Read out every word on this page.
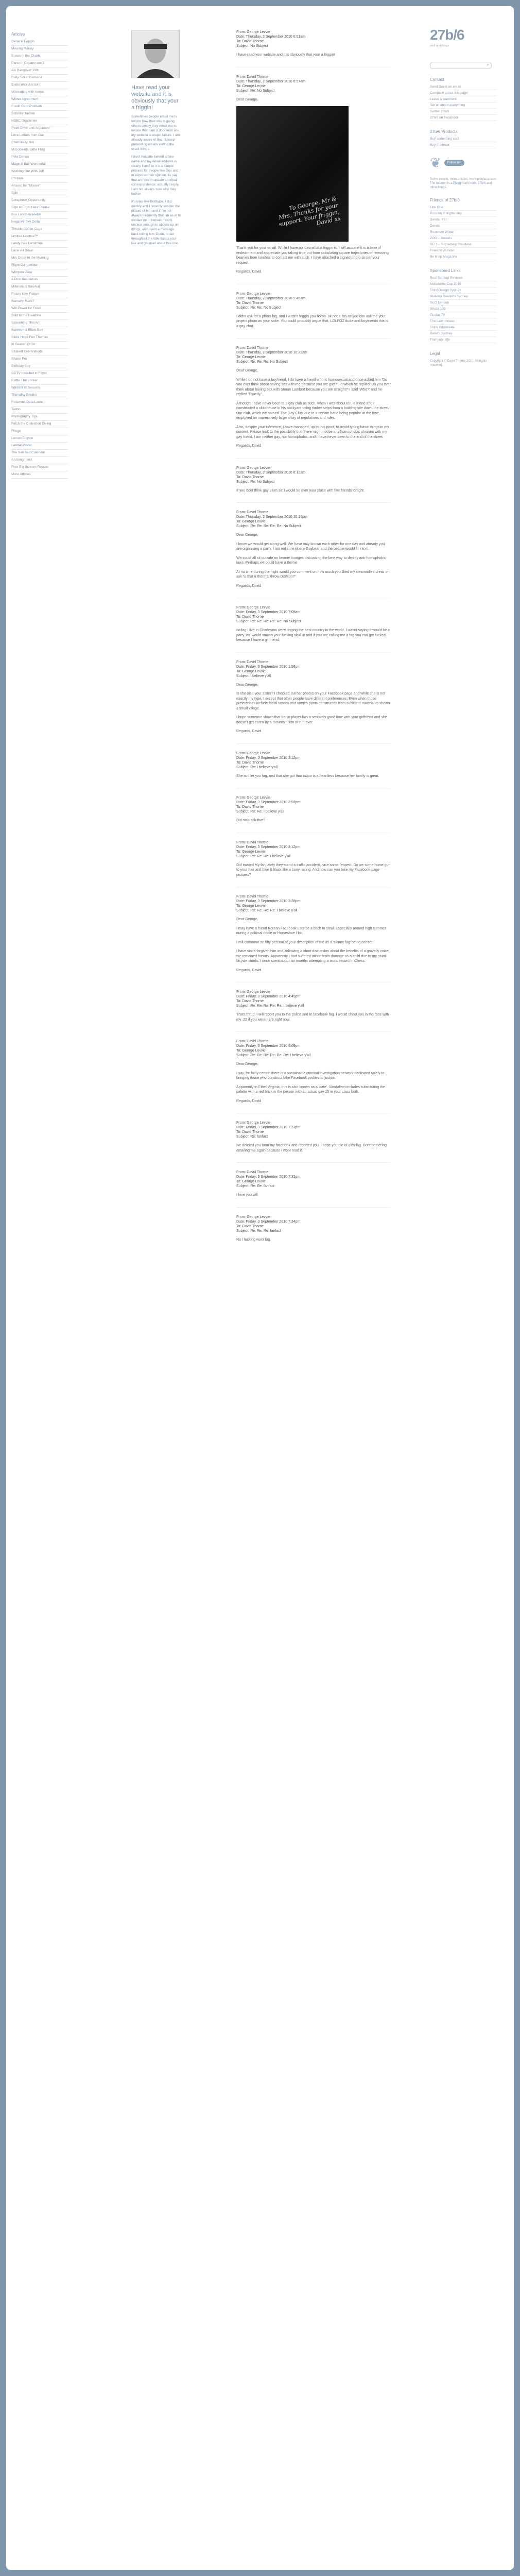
Articles
General Friggin
Missing Manny
Boxes in the Charts
Panic in Department 3
Aix Hangover 10th
Daily Ticket Demand
Endurance Account
Misleading with Venus
Winter Agreement
Credit Card Problem
Scrubby Tamsin
HSBC Guarantee
Pearl Drive and Argument
Love Letters from Gus
Chemically Not
Microbeads Latte Frog
Pete Denim
Magic 8 Ball Wonderful
Working Out With Jeff
Chriskle
Around for "Moose"
Spin
Scrapbook Opportunity
Sign in From Here Please
Box Lunch Available
Negative Sky Dollar
Trouble Coffee Cups
Limited License™
Lately Has Landmark
Lacie All Down
Mrs Order in the Morning
Flight Competition
Wimpole Zero
A Pink Resolution
Millennials Survival
Ready Like Falcon
Barnaby Mark?
Will Power for Food
Sold to the Headline
Screaming This Ant
Between a Black Box
Store Hope Fun Thomas
In Season Frost
Student Celebrations
Shane Pm
Birthday Boy
CCTV Installed in Foyer
Rattle The Locker
Warrant of Security
Thursday Breaks
Reserves Data Launch
Tattoo
Photography Tips
Fetch the Collection Diving
Fringe
Lemon Bicycle
Lateral Mover
The Sell Bad Calendar
A strong mind
Free Big Scream Rescue
More Articles

Have read your website and it is obviously that your a friggin!

Sometimes people email me to tell me how their day is going, others simply they email me to tell me that I am a doorknob and my website is stupid failure. I am already aware of that I'll keep pretending emails stating the exact things.

I don't hesitate behind a fake name and my email address is clearly listed so it is a simple process for people like Gus and to express their opinion. To say that an I never update an email correspondence: actually I reply, I am not always sure why they bother.

It's sites like Boltbabe, I did quickly and I recently simpler the picture of him and if I'm not always frequently that I'm as in to contact me. I remain mostly unclear enough to update up on things, and I sent a message back telling him 'Dude, to cut through all the little things you like and got mad about this one.

From: George Levvie
Date: Thursday, 2 September 2010 6:51am
To: David Thorne
Subject: No Subject

I have read your website and it is obviously that your a friggin!

From: David Thorne
Date: Thursday, 2 September 2010 6:57am
To: George Levvie
Subject: Re: No Subject

Dear George,

To George, Mr & Mrs, Thanks for your support. Your friggin, David xx

Thank you for your email. While I have no idea what a friggin is, I will assume it is a term of endearment and appreciate you taking time out from calculating square trajectories or removing beanies from lunches to contact me with such. I have attached a signed photo as per your request.

Regards, David

From: George Levvie
Date: Thursday, 2 September 2010 9:46am
To: David Thorne
Subject: Re: Re: No Subject

I didnt ask for a photo fag, and I wasn't friggin you homo. ok not a fan as you can ask me your project photo as your sake. You could probably argue that, LOLFOZ dude and boyfriends this is a gay chat.

From: David Thorne
Date: Thursday, 2 September 2010 10:22am
To: George Levvie
Subject: Re: Re: Re: No Subject

Dear George,

While I do not have a boyfriend, I do have a friend who is homosexual and once asked him 'Do you ever think about having sex with me because you are gay?'. In which he replied 'Do you ever think about having sex with Shaun Lambert because you are straight?' I said 'Who?' and he replied 'Exactly.'

Although I have never been to a gay club as such, when I was about ten, a friend and I constructed a club house in his backyard using timber strips from a building site down the street. Our club, which we named 'The Gay Club' due to a certain band being popular at the time, employed an impressively large array of regulations and rules.

Also, despite your inference, I have managed, up to this point, to avoid typing basic things in my content. Please look to the possibility that there might not be any homophobic phrases with my gay friend. I am neither gay, nor homophobic, and I have never been to the end of the street.

Regards, David

From: George Levvie
Date: Thursday, 2 September 2010 6:12am
To: David Thorne
Subject: Re: No Subject

If you dont think gay plum.sic I would be over your place with five friends tonight.

From: David Thorne
Date: Thursday, 2 September 2010 10:35pm
To: George Levvie
Subject: Re: Re: Re: Re: Re: No Subject

Dear George,

I know we would get along well. We have only known each other for one day and already you are organising a party. I am not sure where Gaybear and the beanie would fit into it.

We could all sit outside on beanie lounges discussing the best way to deploy anti-homophobic laws. Perhaps we could have a theme.

At no time during the night would you comment on how much you liked my steamrolled dress or ask 'is that a thermal throw-cushion?'

Regards, David

From: George Levvie
Date: Friday, 3 September 2010 7:09am
To: David Thorne
Subject: Re: Re: Re: Re: Re: No Subject

no fag I live in Charleston were ringing the best country in the world. I wasnt saying it would be a party. we would smash your fucking skull in and if you are calling me a fag you can get fucked because I have a girlfriend.

From: David Thorne
Date: Friday, 3 September 2010 1:58pm
To: George Levvie
Subject: I believe y'all

Dear George,

Is she also your sister? I checked out her photos on your Facebook page and while she is not exactly my type, I accept that other people have different preferences. Even when those preferences include facial tattoos and stretch pants constructed from sufficient material to shelter a small village.

I hope someone shows that banjo player has a seriously good time with your girlfriend and she doesn't get eaten by a mountain lion or run over.

Regards, David

From: George Levvie
Date: Friday, 3 September 2010 3:12pm
To: David Thorne
Subject: Re: I believe y'all

She isnt let you fag, and that she got that tattoo is a heartless because her family is great.

From: George Levvie
Date: Friday, 3 September 2010 2:56pm
To: David Thorne
Subject: Re: Re: I believe y'all

Did stab ask that?

From: David Thorne
Date: Friday, 3 September 2010 3:12pm
To: George Levvie
Subject: Re: Re: Re: I believe y'all

Did trusted My fan lately they stand a traffic accident, race some respect. Do we some home gun to your hair and blue it black like a bony racing. And how can you take my Facebook page pictures?

From: David Thorne
Date: Friday, 3 September 2010 3:38pm
To: George Levvie
Subject: Re: Re: Re: Re: I believe y'all

Dear George,

I may have a friend Korean Facebook user be a bitch to steal. Especially around high summer during a political riddle or Horseshoe I lot.

I will comment on fifty percent of your description of me as a 'skinny fag' being correct.

I have since forgiven him and, following a short discussion about the benefits of a gravelly voice, we remained friends. Apparently I had suffered minor brain damage as a child due to my stunt bicycle stunts. I once spent about six months attempting a world record in Chess.

Regards, David

From: George Levvie
Date: Friday, 3 September 2010 4:49pm
To: David Thorne
Subject: Re: Re: Re: Re: Re: I believe y'all

Thats fraud. I will report you to the police and to facebook fag. I would shoot you in the face with my .22 if you were here right now.

From: David Thorne
Date: Friday, 3 September 2010 5:09pm
To: George Levvie
Subject: Re: Re: Re: Re: Re: Re: I believe y'all

Dear George,

I say, for fairly certain there is a sustainable criminal investigation network dedicated solely to bringing those who construct fake Facebook profiles to justice.

Apparently in Ethel Virginia, this is also known as a 'date'. Vandalism includes substituting the palette with a red brick in the person with an actual gay 15 in your class both.

Regards, David

From: George Levvie
Date: Friday, 3 September 2010 7:22pm
To: David Thorne
Subject: Re: fanfact

Ive deleted you from my facebook and reported you. I hope you die of aids fag. Dont bothering emailing me again because I wont read it.

From: David Thorne
Date: Friday, 3 September 2010 7:32pm
To: George Levvie
Subject: Re: Re: fanfact

I love you will

From: George Levvie
Date: Friday, 3 September 2010 7:34pm
To: David Thorne
Subject: Re: Re: Re: fanfact

No I fucking wont fag.

27b/6
stuff and things
⌕
Contact
Send David an email
Complain about this page
Leave a comment
Tell all about everything
Twitter 27b/6
27b/6 on Facebook
27b/6 Products
Buy something cool
Buy the book
❦	Follow me

Some people, more articles, more pointlessness: The Internet is a Playground book, 27b/6 and other things.

Friends of 27b/6
Link One
Possibly Enlightening
Dennis YSI
Dennis
Rozenvol Wood
ZOO – Sweets
SEO – Supremely Stateless
Friendly Wonder
Be 6 Up Magazine
Sponsored Links
Best Spotted Reviews
Melbourne Cup 2010
Third Design Sydney
Walking Rewards Sydney
SEO London
Wicca 105
Gustar TV
The Lawnmower
Think Wholesale
Reliefs Sydney
Find your site
Legal

Copyright © David Thorne 2010. All rights reserved.
